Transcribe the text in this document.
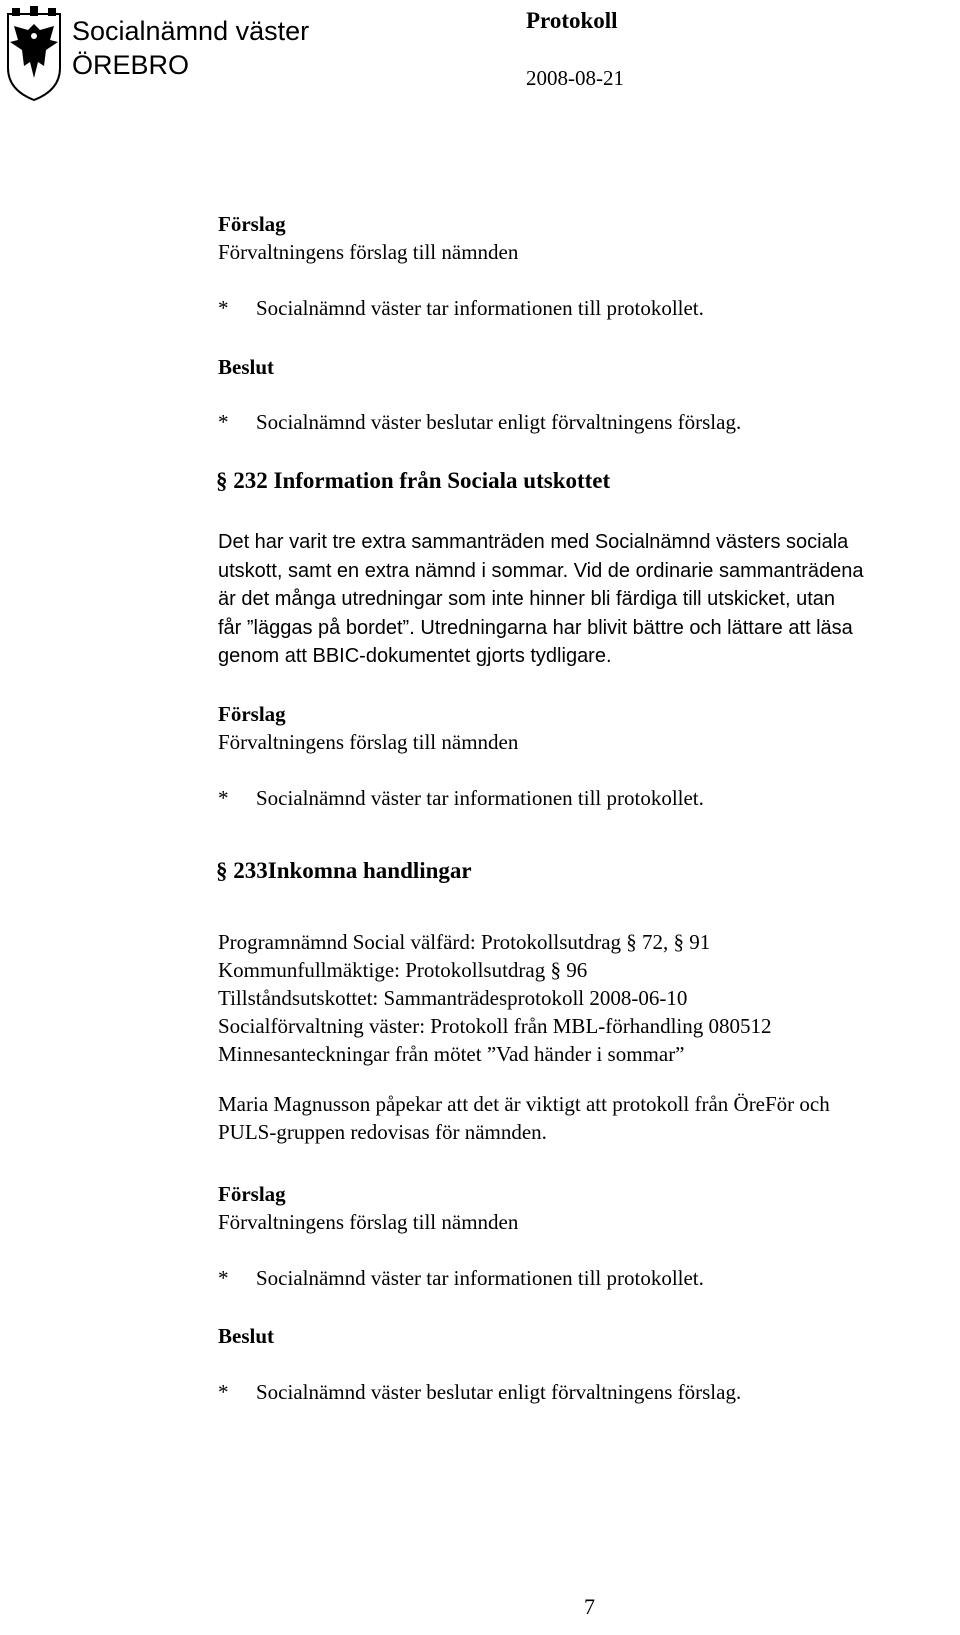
Socialnämnd väster
ÖREBRO
Protokoll
2008-08-21
Förslag
Förvaltningens förslag till nämnden
* Socialnämnd väster tar informationen till protokollet.
Beslut
* Socialnämnd väster beslutar enligt förvaltningens förslag.
§ 232 Information från Sociala utskottet
Det har varit tre extra sammanträden med Socialnämnd västers sociala
utskott, samt en extra nämnd i sommar. Vid de ordinarie sammanträdena
är det många utredningar som inte hinner bli färdiga till utskicket, utan
får ”läggas på bordet”. Utredningarna har blivit bättre och lättare att läsa
genom att BBIC-dokumentet gjorts tydligare.
Förslag
Förvaltningens förslag till nämnden
* Socialnämnd väster tar informationen till protokollet.
§ 233Inkomna handlingar
Programnämnd Social välfärd: Protokollsutdrag § 72, § 91
Kommunfullmäktige: Protokollsutdrag § 96
Tillståndsutskottet: Sammanträdesprotokoll 2008-06-10
Socialförvaltning väster: Protokoll från MBL-förhandling 080512
Minnesanteckningar från mötet ”Vad händer i sommar”
Maria Magnusson påpekar att det är viktigt att protokoll från ÖreFör och
PULS-gruppen redovisas för nämnden.
Förslag
Förvaltningens förslag till nämnden
* Socialnämnd väster tar informationen till protokollet.
Beslut
* Socialnämnd väster beslutar enligt förvaltningens förslag.
7
